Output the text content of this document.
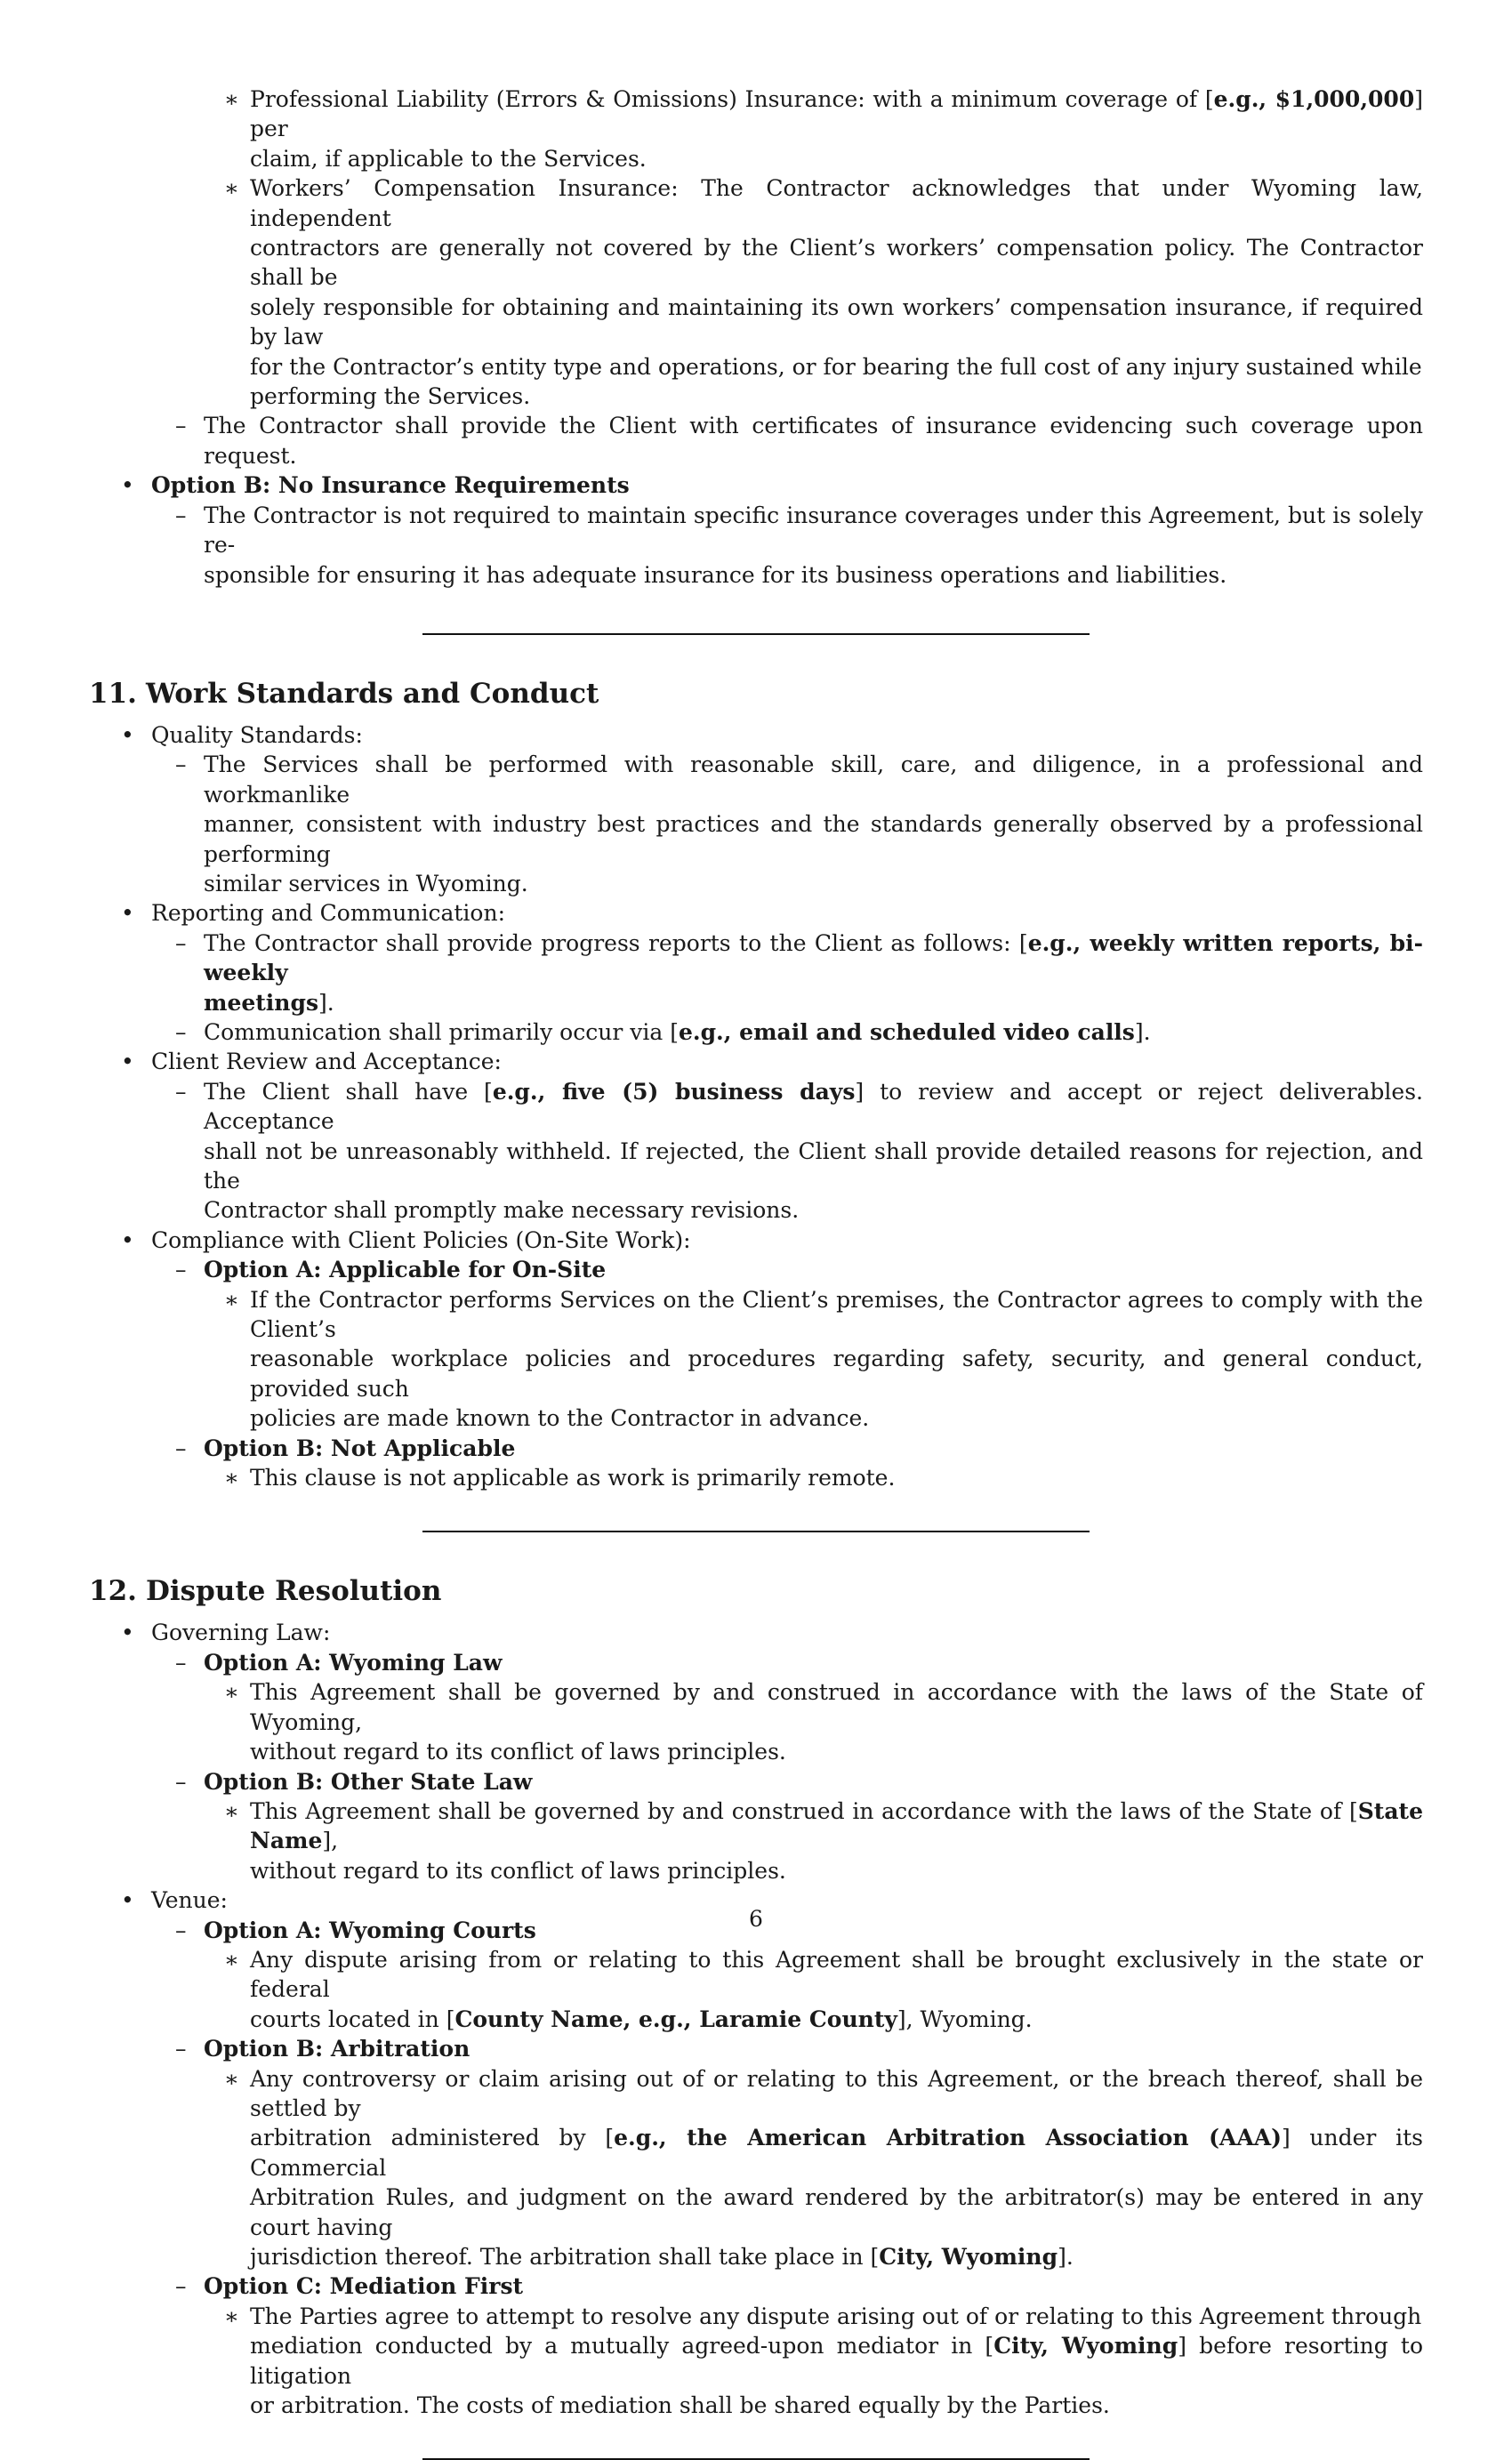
∗ Professional Liability (Errors & Omissions) Insurance: with a minimum coverage of [e.g., $1,000,000] per
claim, if applicable to the Services.
∗ Workers’ Compensation Insurance: The Contractor acknowledges that under Wyoming law, independent
contractors are generally not covered by the Client’s workers’ compensation policy. The Contractor shall be
solely responsible for obtaining and maintaining its own workers’ compensation insurance, if required by law
for the Contractor’s entity type and operations, or for bearing the full cost of any injury sustained while
performing the Services.
– The Contractor shall provide the Client with certificates of insurance evidencing such coverage upon request.
• Option B: No Insurance Requirements
– The Contractor is not required to maintain specific insurance coverages under this Agreement, but is solely re-
sponsible for ensuring it has adequate insurance for its business operations and liabilities.
11. Work Standards and Conduct
• Quality Standards:
– The Services shall be performed with reasonable skill, care, and diligence, in a professional and workmanlike
manner, consistent with industry best practices and the standards generally observed by a professional performing
similar services in Wyoming.
• Reporting and Communication:
– The Contractor shall provide progress reports to the Client as follows: [e.g., weekly written reports, bi-weekly
meetings].
– Communication shall primarily occur via [e.g., email and scheduled video calls].
• Client Review and Acceptance:
– The Client shall have [e.g., five (5) business days] to review and accept or reject deliverables. Acceptance
shall not be unreasonably withheld. If rejected, the Client shall provide detailed reasons for rejection, and the
Contractor shall promptly make necessary revisions.
• Compliance with Client Policies (On-Site Work):
– Option A: Applicable for On-Site
∗ If the Contractor performs Services on the Client’s premises, the Contractor agrees to comply with the Client’s
reasonable workplace policies and procedures regarding safety, security, and general conduct, provided such
policies are made known to the Contractor in advance.
– Option B: Not Applicable
∗ This clause is not applicable as work is primarily remote.
12. Dispute Resolution
• Governing Law:
– Option A: Wyoming Law
∗ This Agreement shall be governed by and construed in accordance with the laws of the State of Wyoming,
without regard to its conflict of laws principles.
– Option B: Other State Law
∗ This Agreement shall be governed by and construed in accordance with the laws of the State of [State Name],
without regard to its conflict of laws principles.
• Venue:
– Option A: Wyoming Courts
∗ Any dispute arising from or relating to this Agreement shall be brought exclusively in the state or federal
courts located in [County Name, e.g., Laramie County], Wyoming.
– Option B: Arbitration
∗ Any controversy or claim arising out of or relating to this Agreement, or the breach thereof, shall be settled by
arbitration administered by [e.g., the American Arbitration Association (AAA)] under its Commercial
Arbitration Rules, and judgment on the award rendered by the arbitrator(s) may be entered in any court having
jurisdiction thereof. The arbitration shall take place in [City, Wyoming].
– Option C: Mediation First
∗ The Parties agree to attempt to resolve any dispute arising out of or relating to this Agreement through
mediation conducted by a mutually agreed-upon mediator in [City, Wyoming] before resorting to litigation
or arbitration. The costs of mediation shall be shared equally by the Parties.
6
